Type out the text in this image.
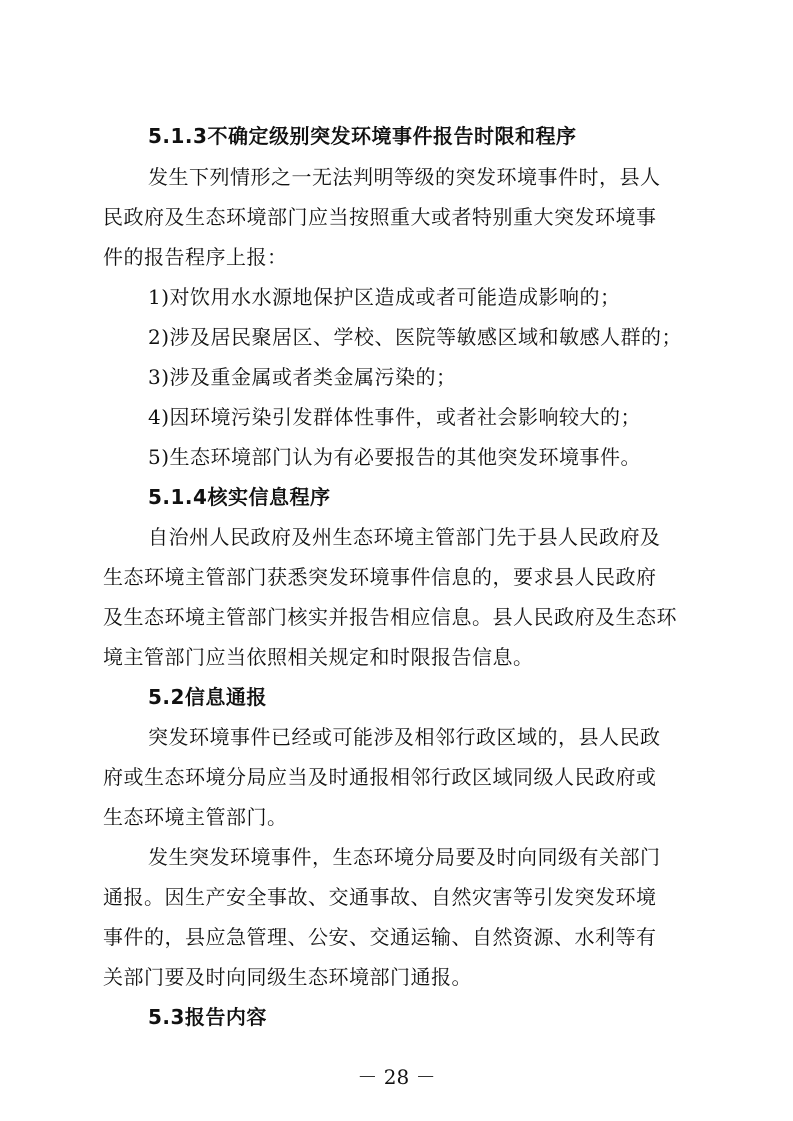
5.1.3不确定级别突发环境事件报告时限和程序
发生下列情形之一无法判明等级的突发环境事件时，县人
民政府及生态环境部门应当按照重大或者特别重大突发环境事
件的报告程序上报：
1)对饮用水水源地保护区造成或者可能造成影响的；
2)涉及居民聚居区、学校、医院等敏感区域和敏感人群的；
3)涉及重金属或者类金属污染的；
4)因环境污染引发群体性事件，或者社会影响较大的；
5)生态环境部门认为有必要报告的其他突发环境事件。
5.1.4核实信息程序
自治州人民政府及州生态环境主管部门先于县人民政府及
生态环境主管部门获悉突发环境事件信息的，要求县人民政府
及生态环境主管部门核实并报告相应信息。县人民政府及生态环
境主管部门应当依照相关规定和时限报告信息。
5.2信息通报
突发环境事件已经或可能涉及相邻行政区域的，县人民政
府或生态环境分局应当及时通报相邻行政区域同级人民政府或
生态环境主管部门。
发生突发环境事件，生态环境分局要及时向同级有关部门
通报。因生产安全事故、交通事故、自然灾害等引发突发环境
事件的，县应急管理、公安、交通运输、自然资源、水利等有
关部门要及时向同级生态环境部门通报。
5.3报告内容
－ 28 －
